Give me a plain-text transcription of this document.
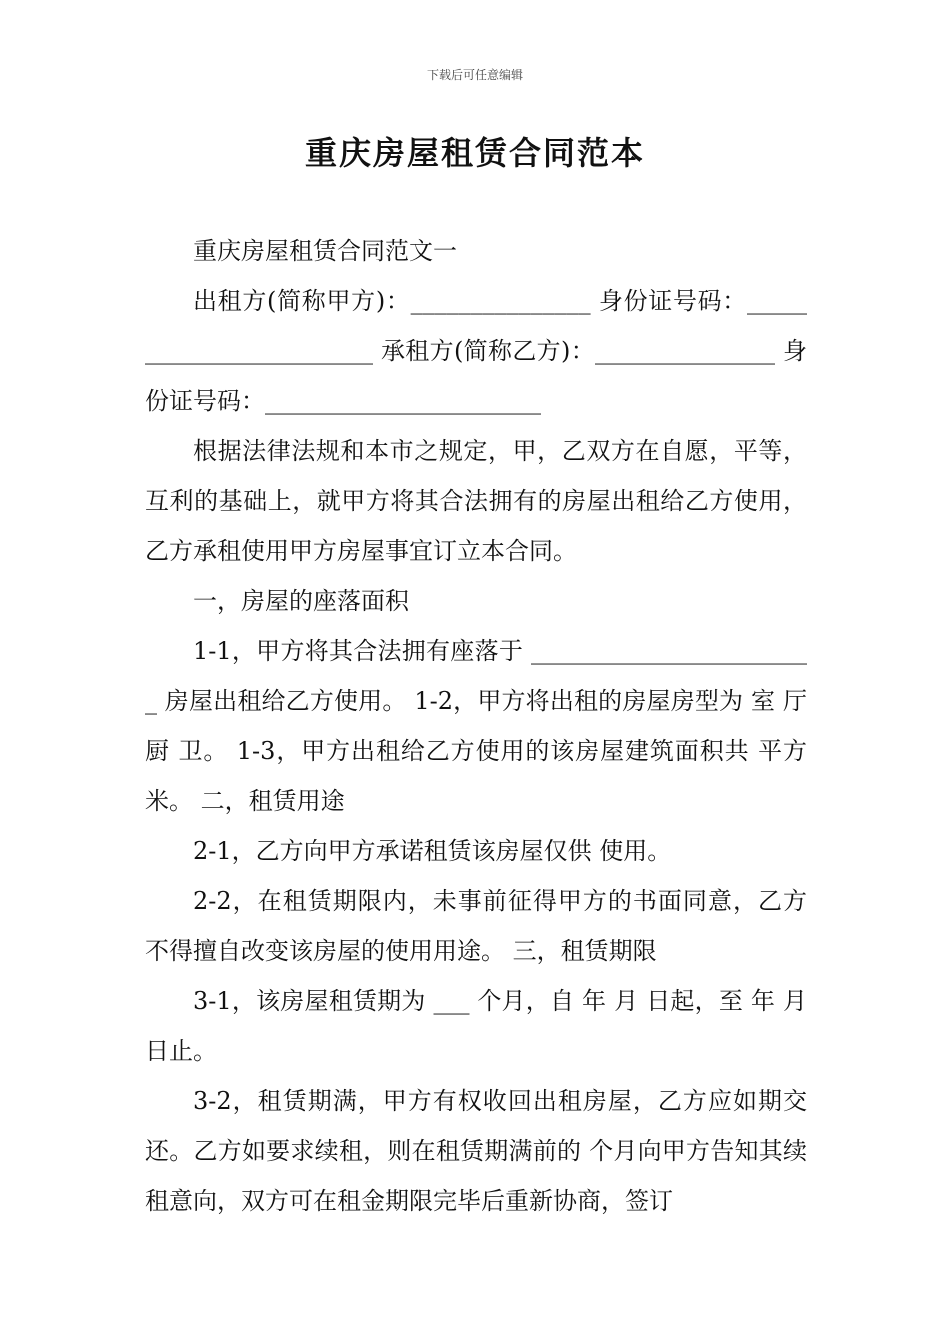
下载后可任意编辑
重庆房屋租赁合同范本

重庆房屋租赁合同范文一

出租方(简称甲方)：_______________ 身份证号码：________________________ 承租方(简称乙方)：_______________ 身份证号码：_______________________

根据法律法规和本市之规定，甲，乙双方在自愿，平等，互利的基础上，就甲方将其合法拥有的房屋出租给乙方使用，乙方承租使用甲方房屋事宜订立本合同。

一，房屋的座落面积

1-1，甲方将其合法拥有座落于 ________________________ 房屋出租给乙方使用。 1-2，甲方将出租的房屋房型为 室 厅 厨 卫。 1-3，甲方出租给乙方使用的该房屋建筑面积共 平方米。 二，租赁用途

2-1，乙方向甲方承诺租赁该房屋仅供 使用。

2-2，在租赁期限内，未事前征得甲方的书面同意，乙方不得擅自改变该房屋的使用用途。 三，租赁期限

3-1，该房屋租赁期为 ___ 个月，自 年 月 日起，至 年 月 日止。

3-2，租赁期满，甲方有权收回出租房屋，乙方应如期交还。乙方如要求续租，则在租赁期满前的 个月向甲方告知其续租意向，双方可在租金期限完毕后重新协商，签订
